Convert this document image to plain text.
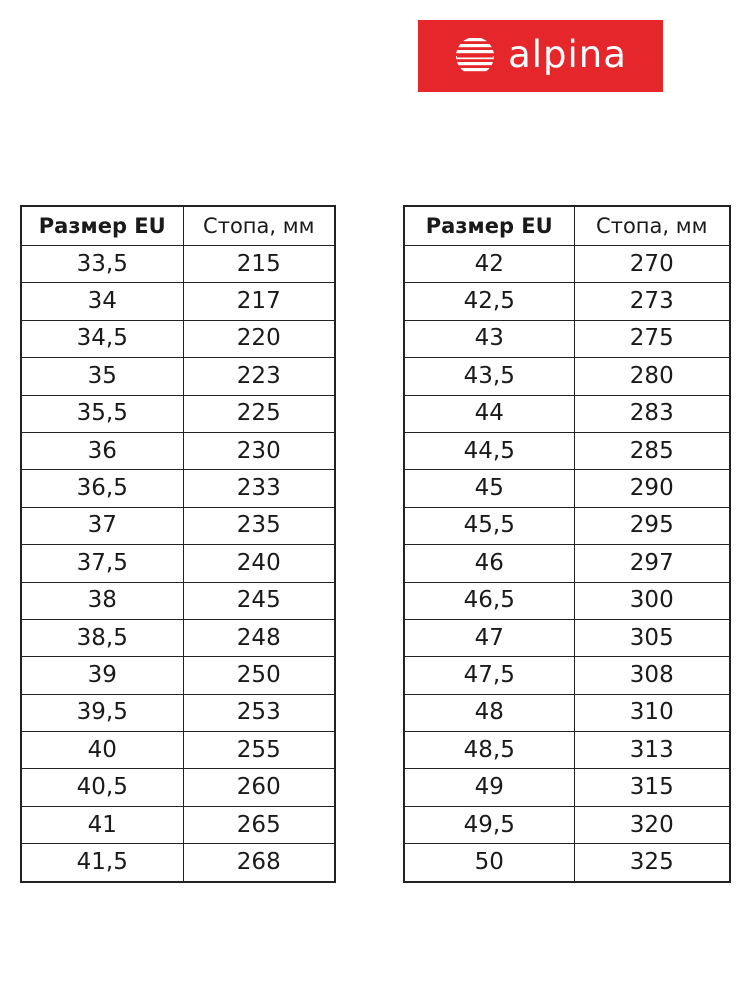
alpina
Размер EU	Стопа, мм
33,5	215
34	217
34,5	220
35	223
35,5	225
36	230
36,5	233
37	235
37,5	240
38	245
38,5	248
39	250
39,5	253
40	255
40,5	260
41	265
41,5	268
Размер EU	Стопа, мм
42	270
42,5	273
43	275
43,5	280
44	283
44,5	285
45	290
45,5	295
46	297
46,5	300
47	305
47,5	308
48	310
48,5	313
49	315
49,5	320
50	325
